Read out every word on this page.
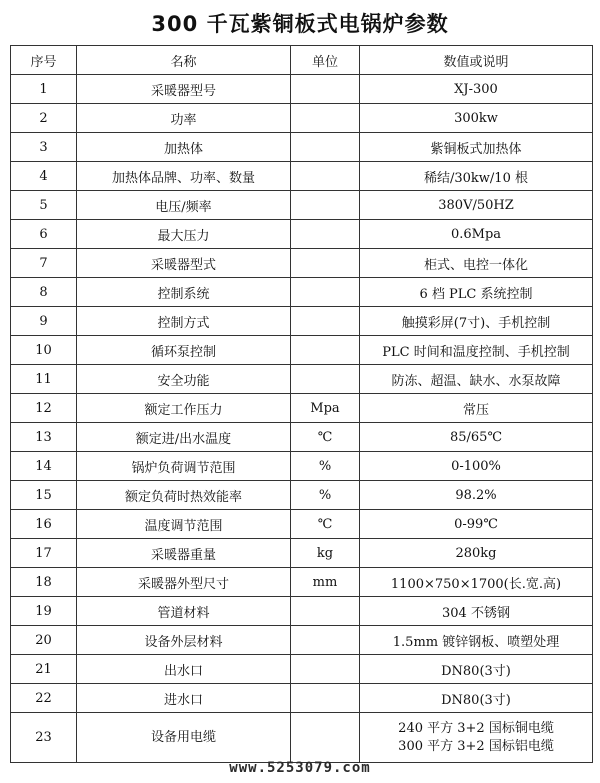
300 千瓦紫铜板式电锅炉参数
序号	名称	单位	数值或说明
1	采暖器型号		XJ-300
2	功率		300kw
3	加热体		紫铜板式加热体
4	加热体品牌、功率、数量		稀结/30kw/10 根
5	电压/频率		380V/50HZ
6	最大压力		0.6Mpa
7	采暖器型式		柜式、电控一体化
8	控制系统		6 档 PLC 系统控制
9	控制方式		触摸彩屏(7寸)、手机控制
10	循环泵控制		PLC 时间和温度控制、手机控制
11	安全功能		防冻、超温、缺水、水泵故障
12	额定工作压力	Mpa	常压
13	额定进/出水温度	℃	85/65℃
14	锅炉负荷调节范围	%	0-100%
15	额定负荷时热效能率	%	98.2%
16	温度调节范围	℃	0-99℃
17	采暖器重量	kg	280kg
18	采暖器外型尺寸	mm	1100×750×1700(长.宽.高)
19	管道材料		304 不锈钢
20	设备外层材料		1.5mm 镀锌钢板、喷塑处理
21	出水口		DN80(3寸)
22	进水口		DN80(3寸)
23	设备用电缆		240 平方 3+2 国标铜电缆
300 平方 3+2 国标铝电缆
www.5253079.com
